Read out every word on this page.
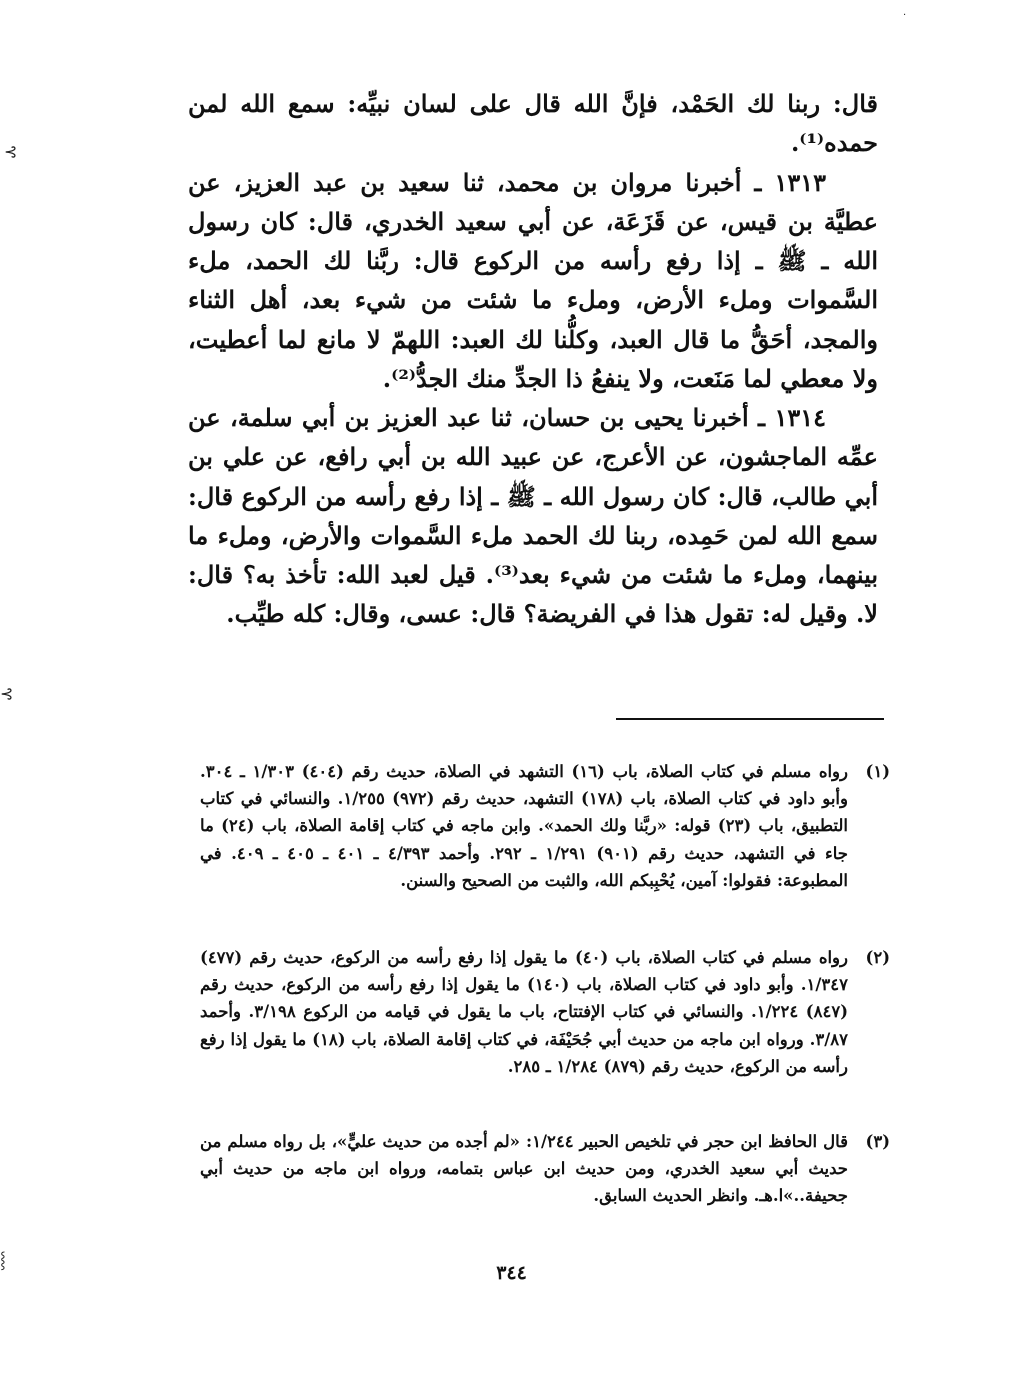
·
⊱
⊱
⸾

قال: ربنا لك الحَمْد، فإنَّ الله قال على لسان نبيِّه: سمع الله لمن حمده⁽¹⁾.

١٣١٣ ـ أخبرنا مروان بن محمد، ثنا سعيد بن عبد العزيز، عن عطيَّة بن قيس، عن قَزَعَة، عن أبي سعيد الخدري، قال: كان رسول الله ـ ﷺ ـ إذا رفع رأسه من الركوع قال: ربَّنا لك الحمد، ملء السَّموات وملء الأرض، وملء ما شئت من شيء بعد، أهل الثناء والمجد، أحَقُّ ما قال العبد، وكلُّنا لك العبد: اللهمّ لا مانع لما أعطيت، ولا معطي لما مَنَعت، ولا ينفعُ ذا الجدِّ منك الجدُّ⁽²⁾.

١٣١٤ ـ أخبرنا يحيى بن حسان، ثنا عبد العزيز بن أبي سلمة، عن عمِّه الماجشون، عن الأعرج، عن عبيد الله بن أبي رافع، عن علي بن أبي طالب، قال: كان رسول الله ـ ﷺ ـ إذا رفع رأسه من الركوع قال: سمع الله لمن حَمِده، ربنا لك الحمد ملء السَّموات والأرض، وملء ما بينهما، وملء ما شئت من شيء بعد⁽³⁾. قيل لعبد الله: تأخذ به؟ قال: لا. وقيل له: تقول هذا في الفريضة؟ قال: عسى، وقال: كله طيِّب.

(١)
رواه مسلم في كتاب الصلاة، باب (١٦) التشهد في الصلاة، حديث رقم (٤٠٤) ١/٣٠٣ ـ ٣٠٤. وأبو داود في كتاب الصلاة، باب (١٧٨) التشهد، حديث رقم (٩٧٢) ١/٢٥٥. والنسائي في كتاب التطبيق، باب (٢٣) قوله: «ربَّنا ولك الحمد». وابن ماجه في كتاب إقامة الصلاة، باب (٢٤) ما جاء في التشهد، حديث رقم (٩٠١) ١/٢٩١ ـ ٢٩٢. وأحمد ٤/٣٩٣ ـ ٤٠١ ـ ٤٠٥ ـ ٤٠٩. في المطبوعة: فقولوا: آمين، يُحْبِبكم الله، والثبت من الصحيح والسنن.
(٢)
رواه مسلم في كتاب الصلاة، باب (٤٠) ما يقول إذا رفع رأسه من الركوع، حديث رقم (٤٧٧) ١/٣٤٧. وأبو داود في كتاب الصلاة، باب (١٤٠) ما يقول إذا رفع رأسه من الركوع، حديث رقم (٨٤٧) ١/٢٢٤. والنسائي في كتاب الإفتتاح، باب ما يقول في قيامه من الركوع ٣/١٩٨. وأحمد ٣/٨٧. ورواه ابن ماجه من حديث أبي جُحَيْفَة، في كتاب إقامة الصلاة، باب (١٨) ما يقول إذا رفع رأسه من الركوع، حديث رقم (٨٧٩) ١/٢٨٤ ـ ٢٨٥.
(٣)
قال الحافظ ابن حجر في تلخيص الحبير ١/٢٤٤: «لم أجده من حديث عليٍّ»، بل رواه مسلم من حديث أبي سعيد الخدري، ومن حديث ابن عباس بتمامه، ورواه ابن ماجه من حديث أبي جحيفة..»ا.هـ. وانظر الحديث السابق.
٣٤٤
